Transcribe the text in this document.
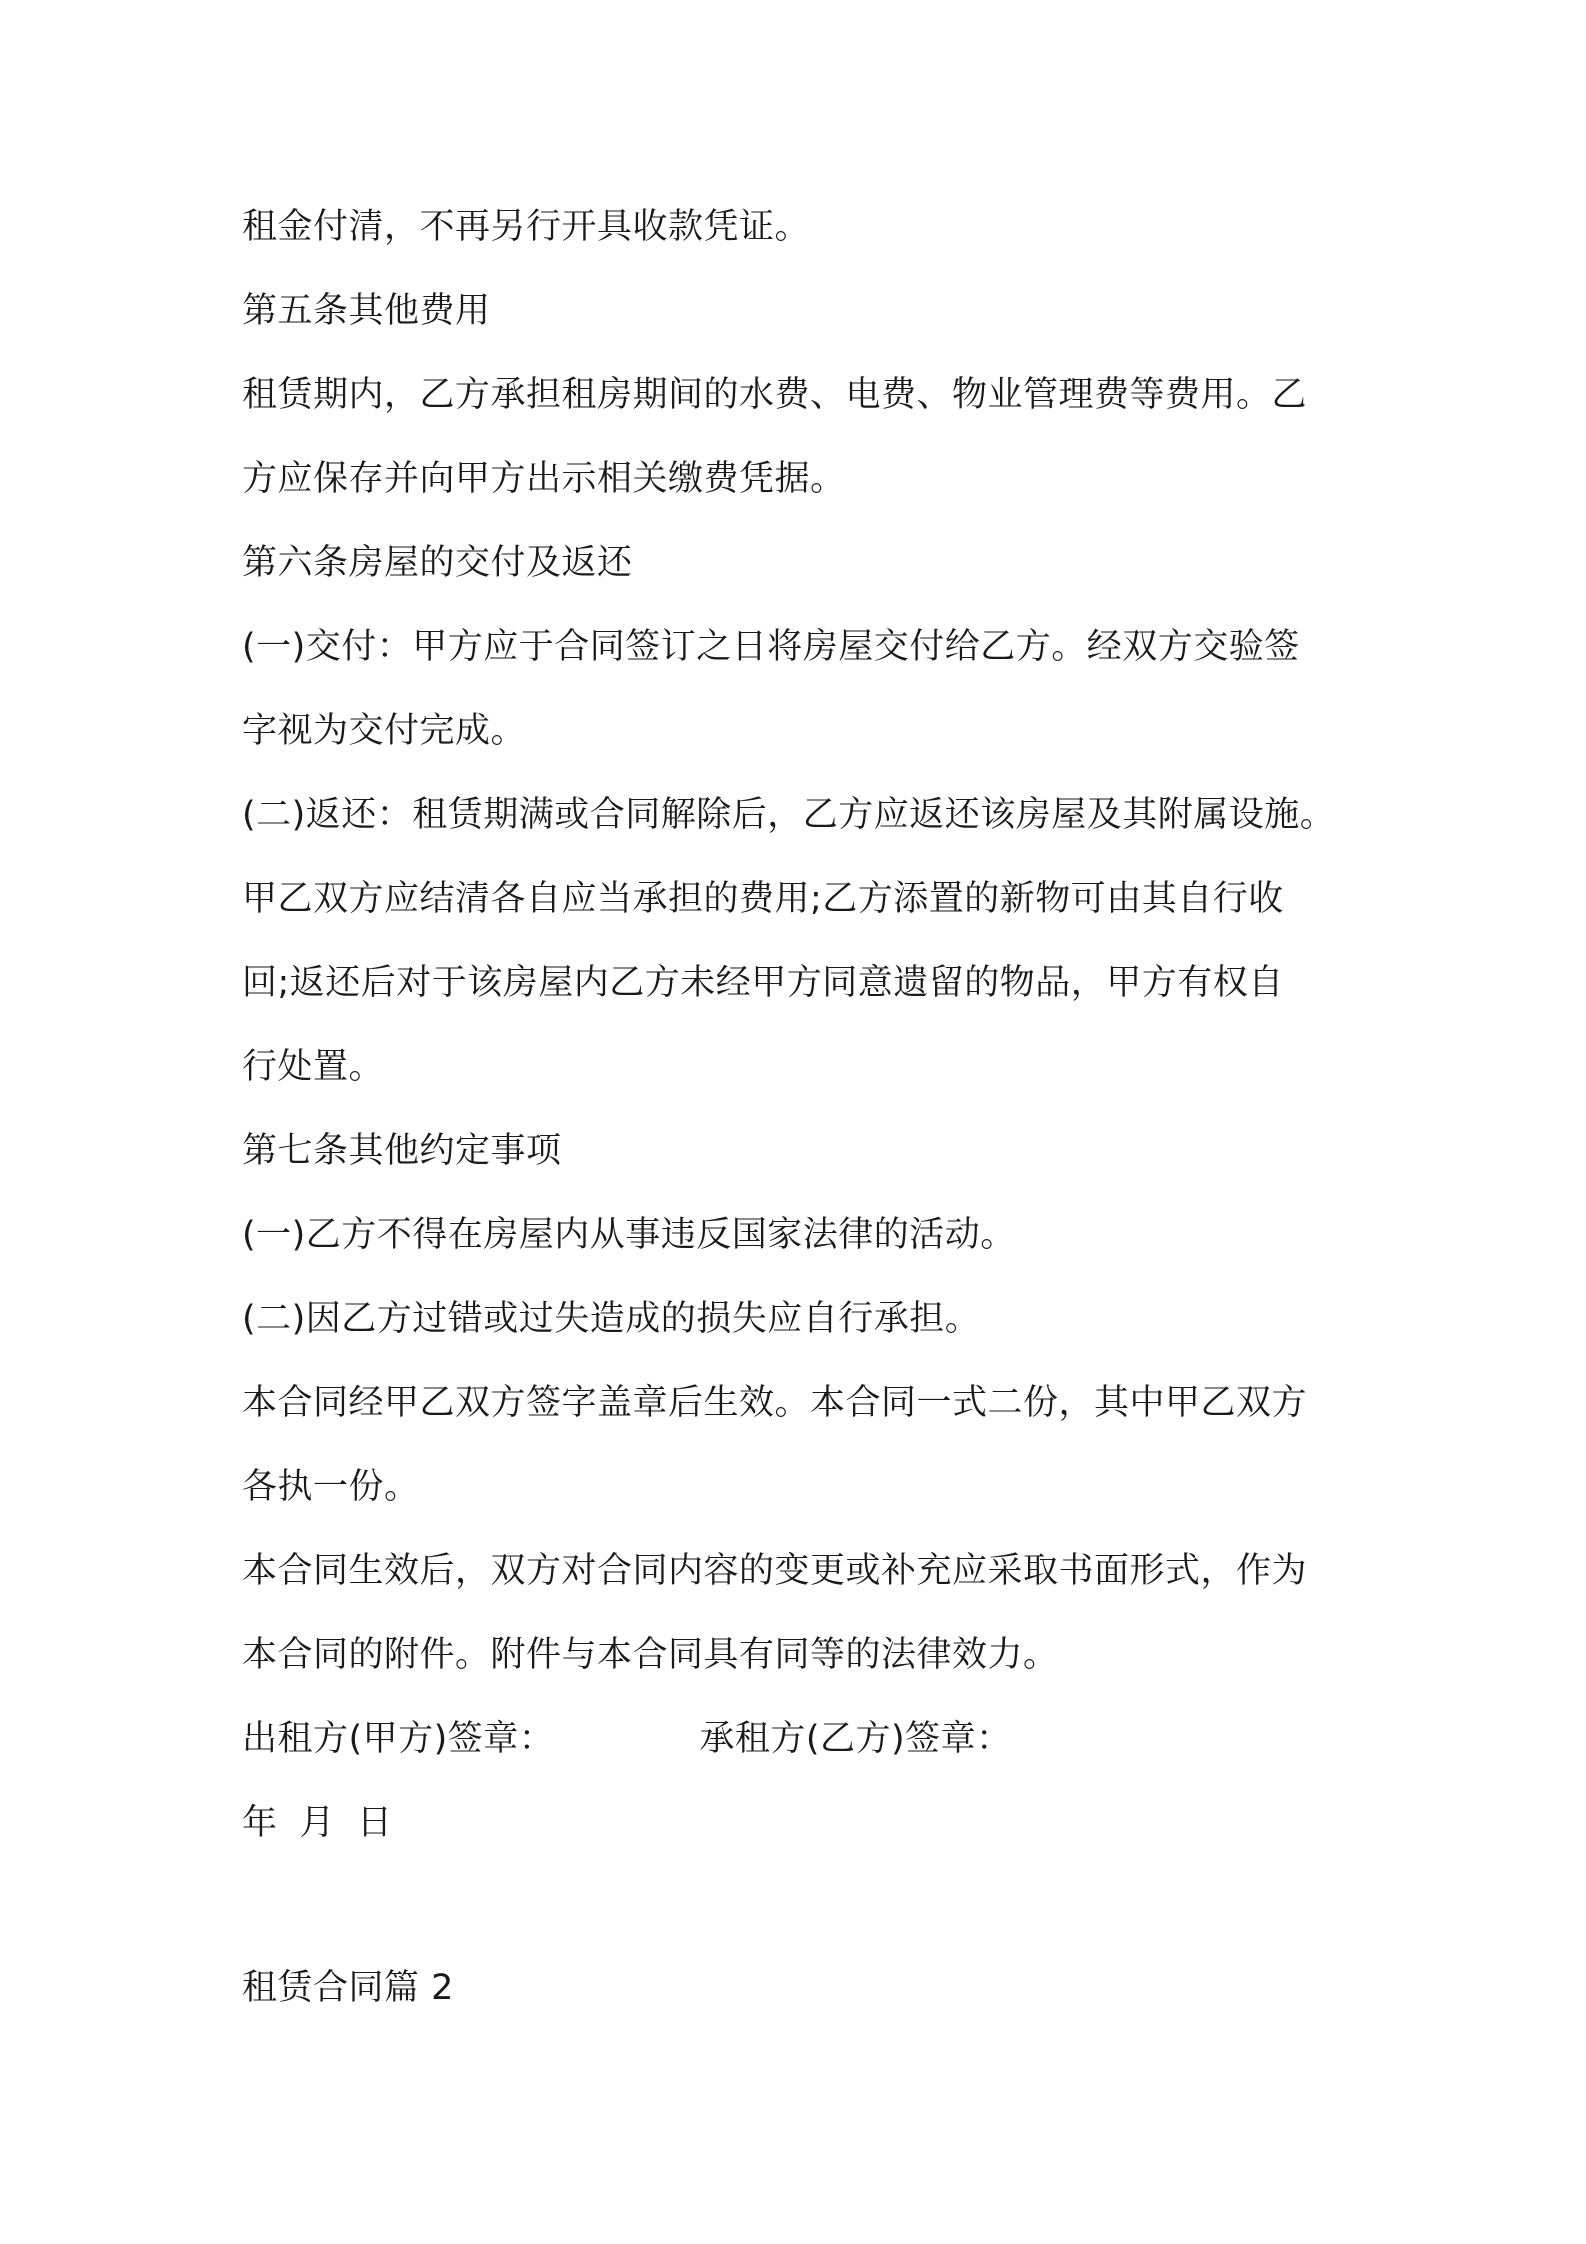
租金付清，不再另行开具收款凭证。
第五条其他费用
租赁期内，乙方承担租房期间的水费、电费、物业管理费等费用。乙
方应保存并向甲方出示相关缴费凭据。
第六条房屋的交付及返还
(一)交付：甲方应于合同签订之日将房屋交付给乙方。经双方交验签
字视为交付完成。
(二)返还：租赁期满或合同解除后，乙方应返还该房屋及其附属设施。
甲乙双方应结清各自应当承担的费用;乙方添置的新物可由其自行收
回;返还后对于该房屋内乙方未经甲方同意遗留的物品，甲方有权自
行处置。
第七条其他约定事项
(一)乙方不得在房屋内从事违反国家法律的活动。
(二)因乙方过错或过失造成的损失应自行承担。
本合同经甲乙双方签字盖章后生效。本合同一式二份，其中甲乙双方
各执一份。
本合同生效后，双方对合同内容的变更或补充应采取书面形式，作为
本合同的附件。附件与本合同具有同等的法律效力。
出租方(甲方)签章：	承租方(乙方)签章：
年 月 日
租赁合同篇 2
